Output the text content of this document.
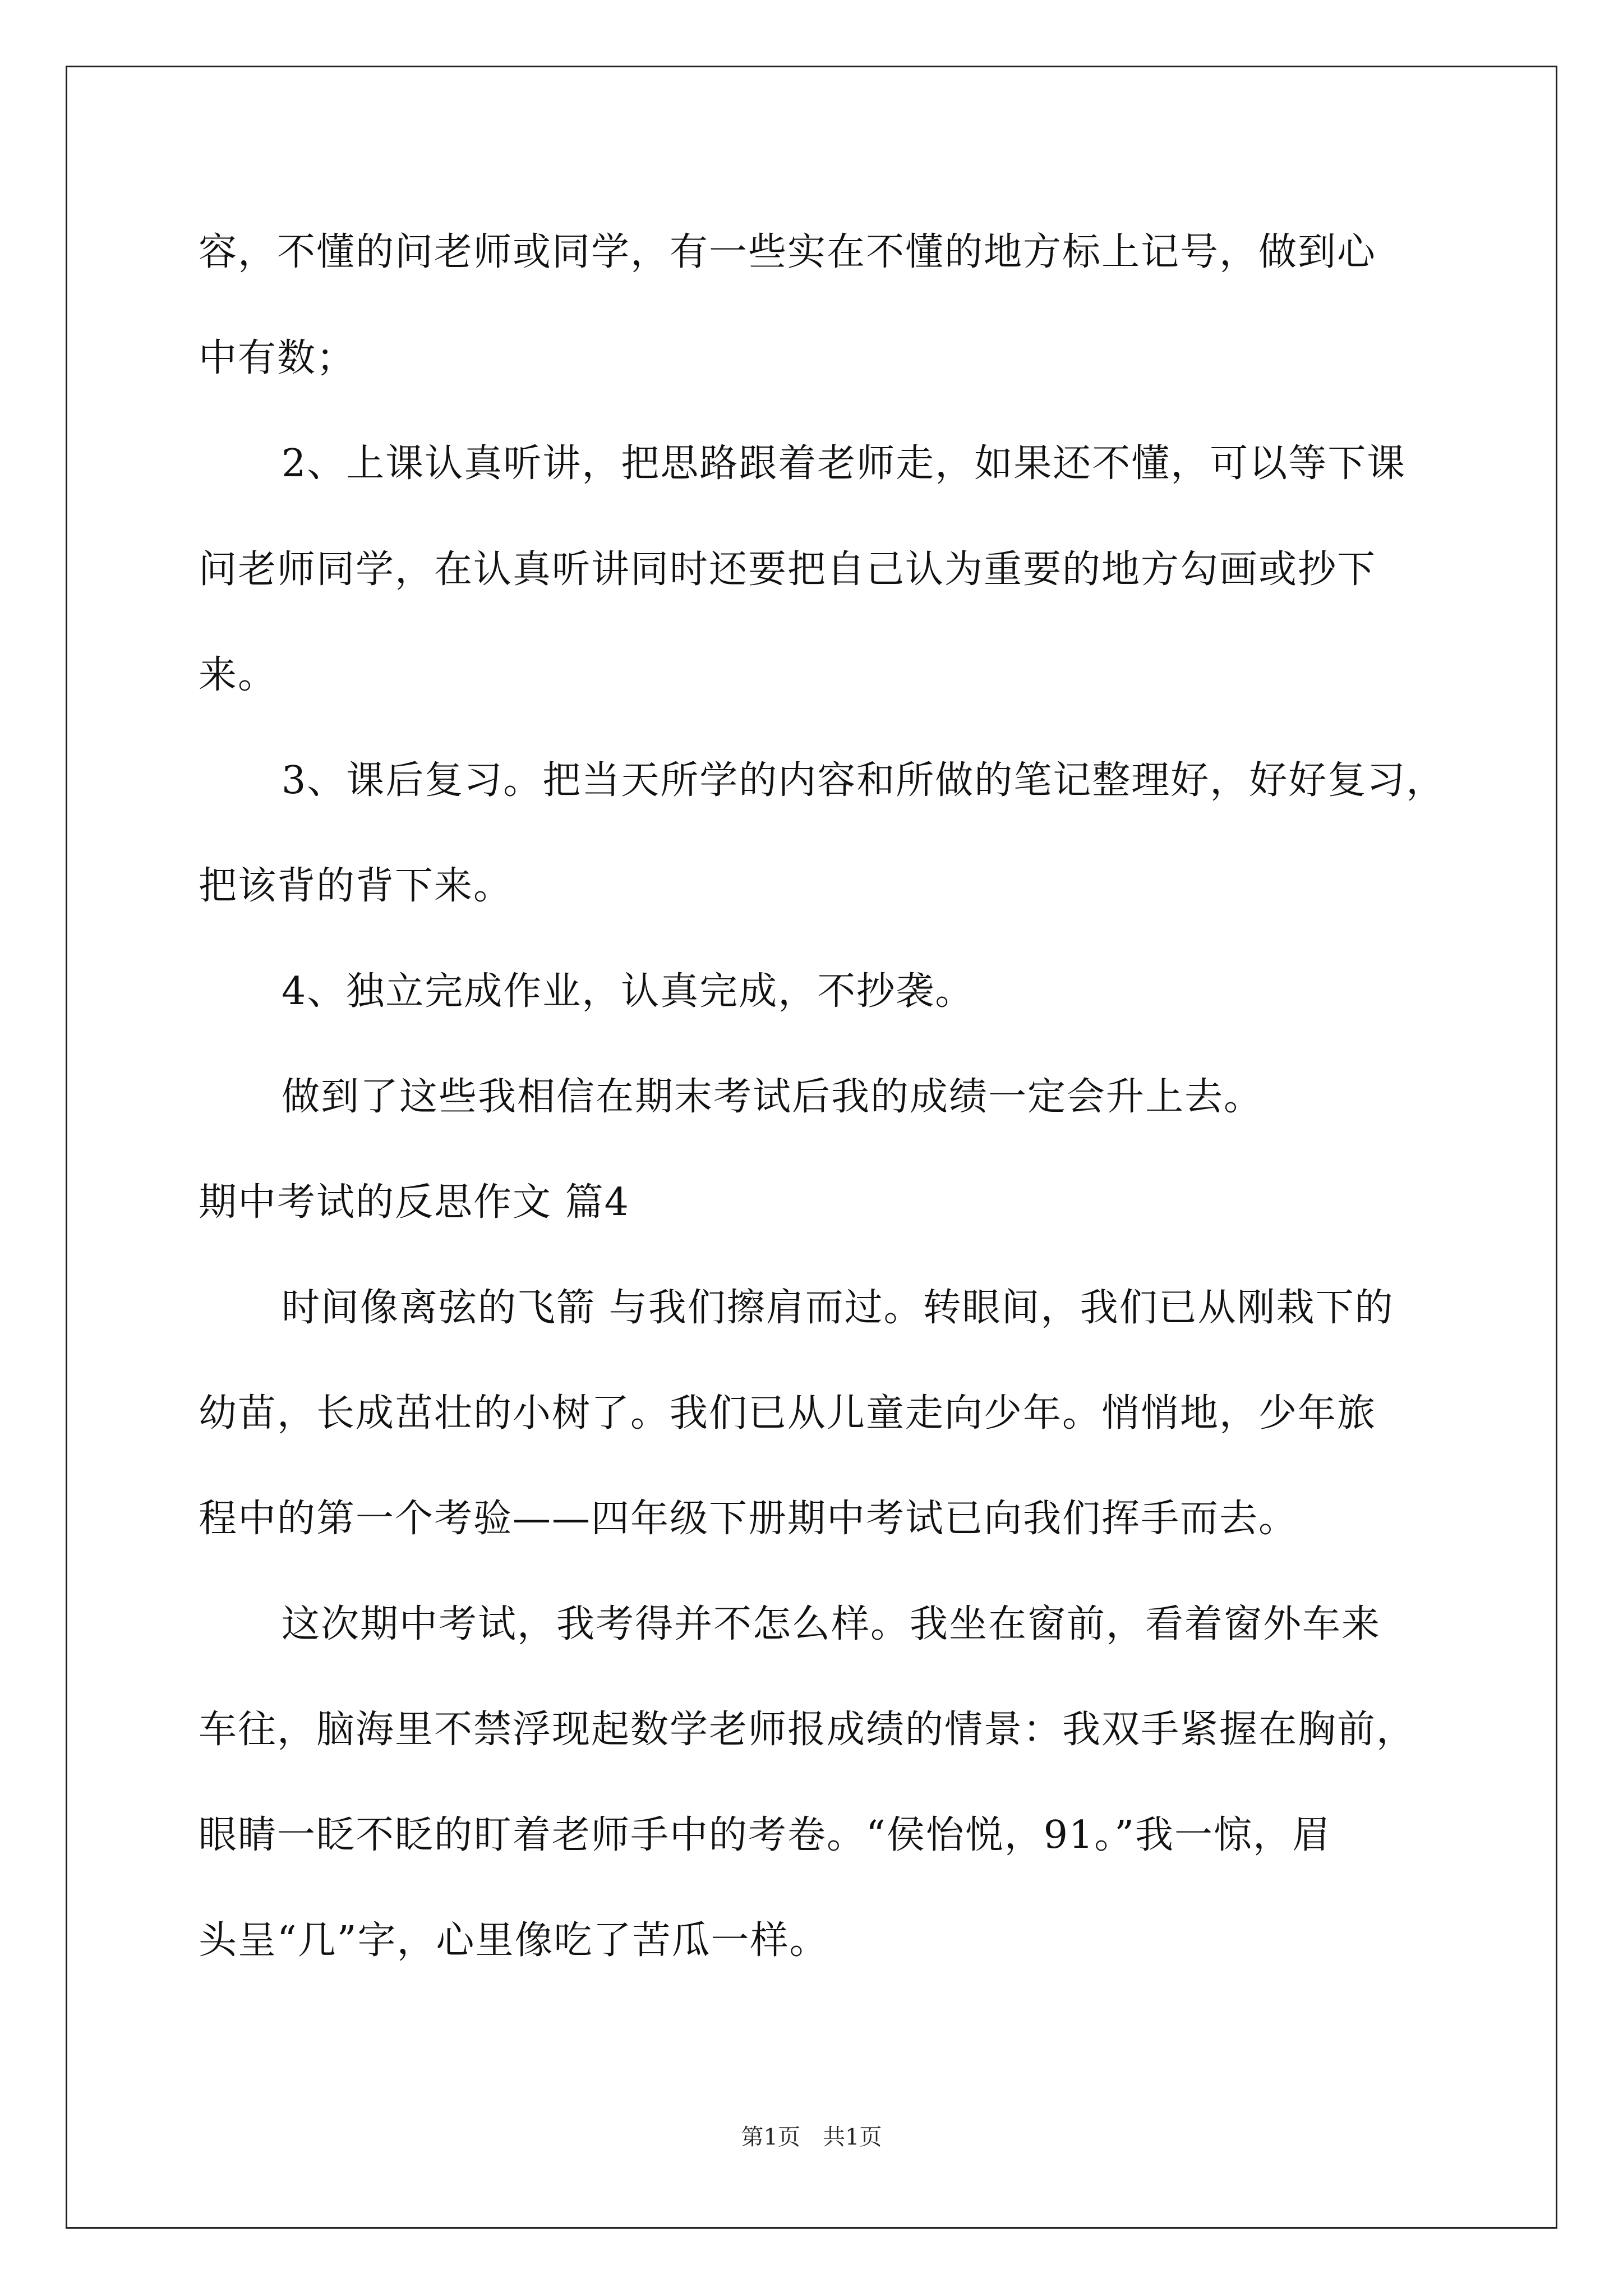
容，不懂的问老师或同学，有一些实在不懂的地方标上记号，做到心
中有数；
2、上课认真听讲，把思路跟着老师走，如果还不懂，可以等下课
问老师同学，在认真听讲同时还要把自己认为重要的地方勾画或抄下
来。
3、课后复习。把当天所学的内容和所做的笔记整理好，好好复习，
把该背的背下来。
4、独立完成作业，认真完成，不抄袭。
做到了这些我相信在期末考试后我的成绩一定会升上去。
期中考试的反思作文 篇4
时间像离弦的飞箭 与我们擦肩而过。转眼间，我们已从刚栽下的
幼苗，长成茁壮的小树了。我们已从儿童走向少年。悄悄地，少年旅
程中的第一个考验——四年级下册期中考试已向我们挥手而去。
这次期中考试，我考得并不怎么样。我坐在窗前，看着窗外车来
车往，脑海里不禁浮现起数学老师报成绩的情景：我双手紧握在胸前，
眼睛一眨不眨的盯着老师手中的考卷。“侯怡悦，91。”我一惊，眉
头呈“几”字，心里像吃了苦瓜一样。
第1页　共1页
